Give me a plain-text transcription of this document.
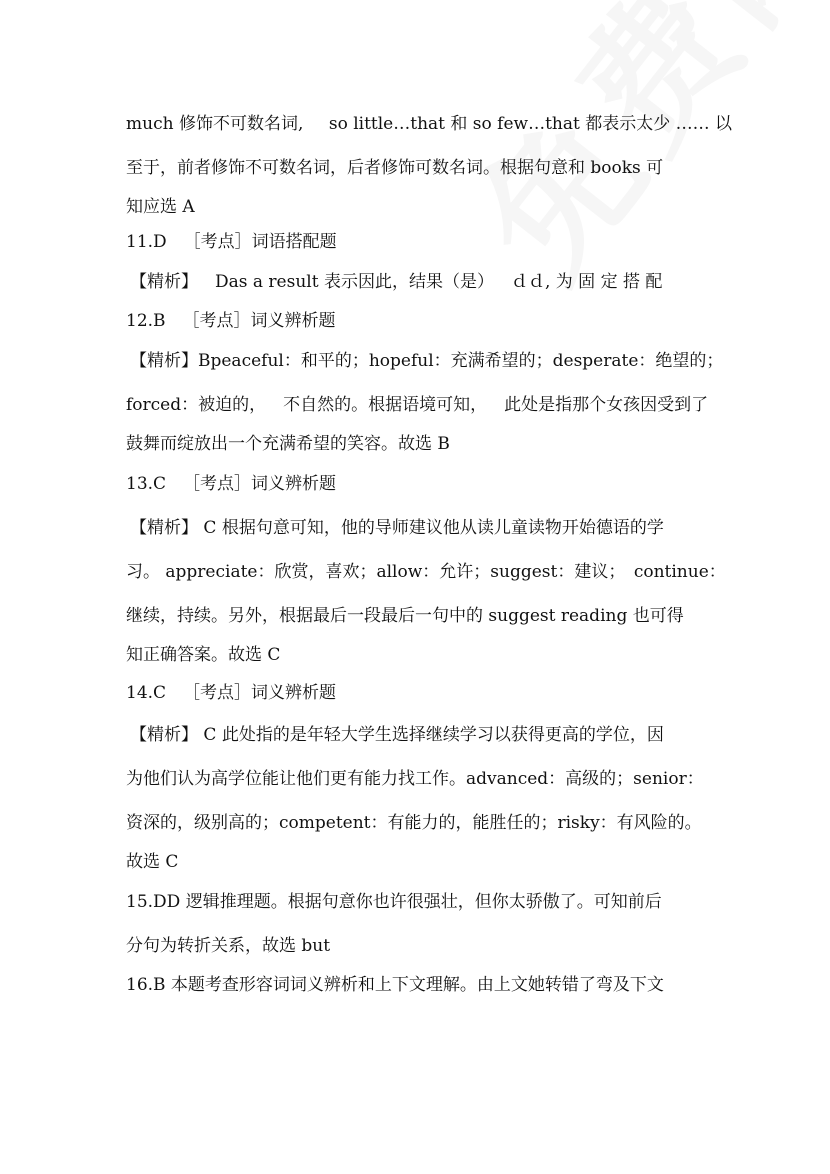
much 修饰不可数名词,  so little…that 和 so few…that 都表示太少 …… 以
至于，前者修饰不可数名词，后者修饰可数名词。根据句意和 books 可
知应选 A
11.D ［考点］词语搭配题
【精析】 Das a result 表示因此，结果（是） ｄｄ, 为 固 定 搭 配
12.B ［考点］词义辨析题
【精析】Bpeaceful：和平的；hopeful：充满希望的；desperate：绝望的；
forced：被迫的， 不自然的。根据语境可知， 此处是指那个女孩因受到了
鼓舞而绽放出一个充满希望的笑容。故选 B
13.C ［考点］词义辨析题
【精析】 C 根据句意可知，他的导师建议他从读儿童读物开始德语的学
习。 appreciate：欣赏，喜欢；allow：允许；suggest：建议； continue：
继续，持续。另外，根据最后一段最后一句中的 suggest reading 也可得
知正确答案。故选 C
14.C ［考点］词义辨析题
【精析】 C 此处指的是年轻大学生选择继续学习以获得更高的学位，因
为他们认为高学位能让他们更有能力找工作。advanced：高级的；senior：
资深的，级别高的；competent：有能力的，能胜任的；risky：有风险的。
故选 C
15.DD 逻辑推理题。根据句意你也许很强壮，但你太骄傲了。可知前后
分句为转折关系，故选 but
16.B 本题考查形容词词义辨析和上下文理解。由上文她转错了弯及下文
